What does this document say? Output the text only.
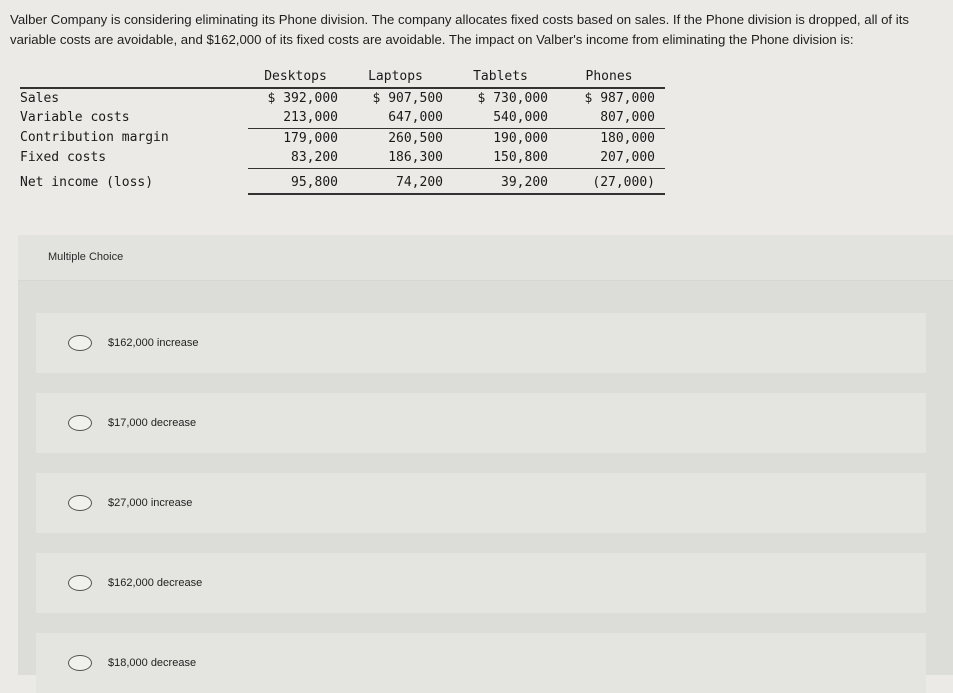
Valber Company is considering eliminating its Phone division. The company allocates fixed costs based on sales. If the Phone division is dropped, all of its variable costs are avoidable, and $162,000 of its fixed costs are avoidable. The impact on Valber's income from eliminating the Phone division is:
	Desktops	Laptops	Tablets	Phones
Sales	$ 392,000	$ 907,500	$ 730,000	$ 987,000
Variable costs	213,000	647,000	540,000	807,000
Contribution margin	179,000	260,500	190,000	180,000
Fixed costs	83,200	186,300	150,800	207,000
Net income (loss)	95,800	74,200	39,200	(27,000)
Multiple Choice
$162,000 increase
$17,000 decrease
$27,000 increase
$162,000 decrease
$18,000 decrease
